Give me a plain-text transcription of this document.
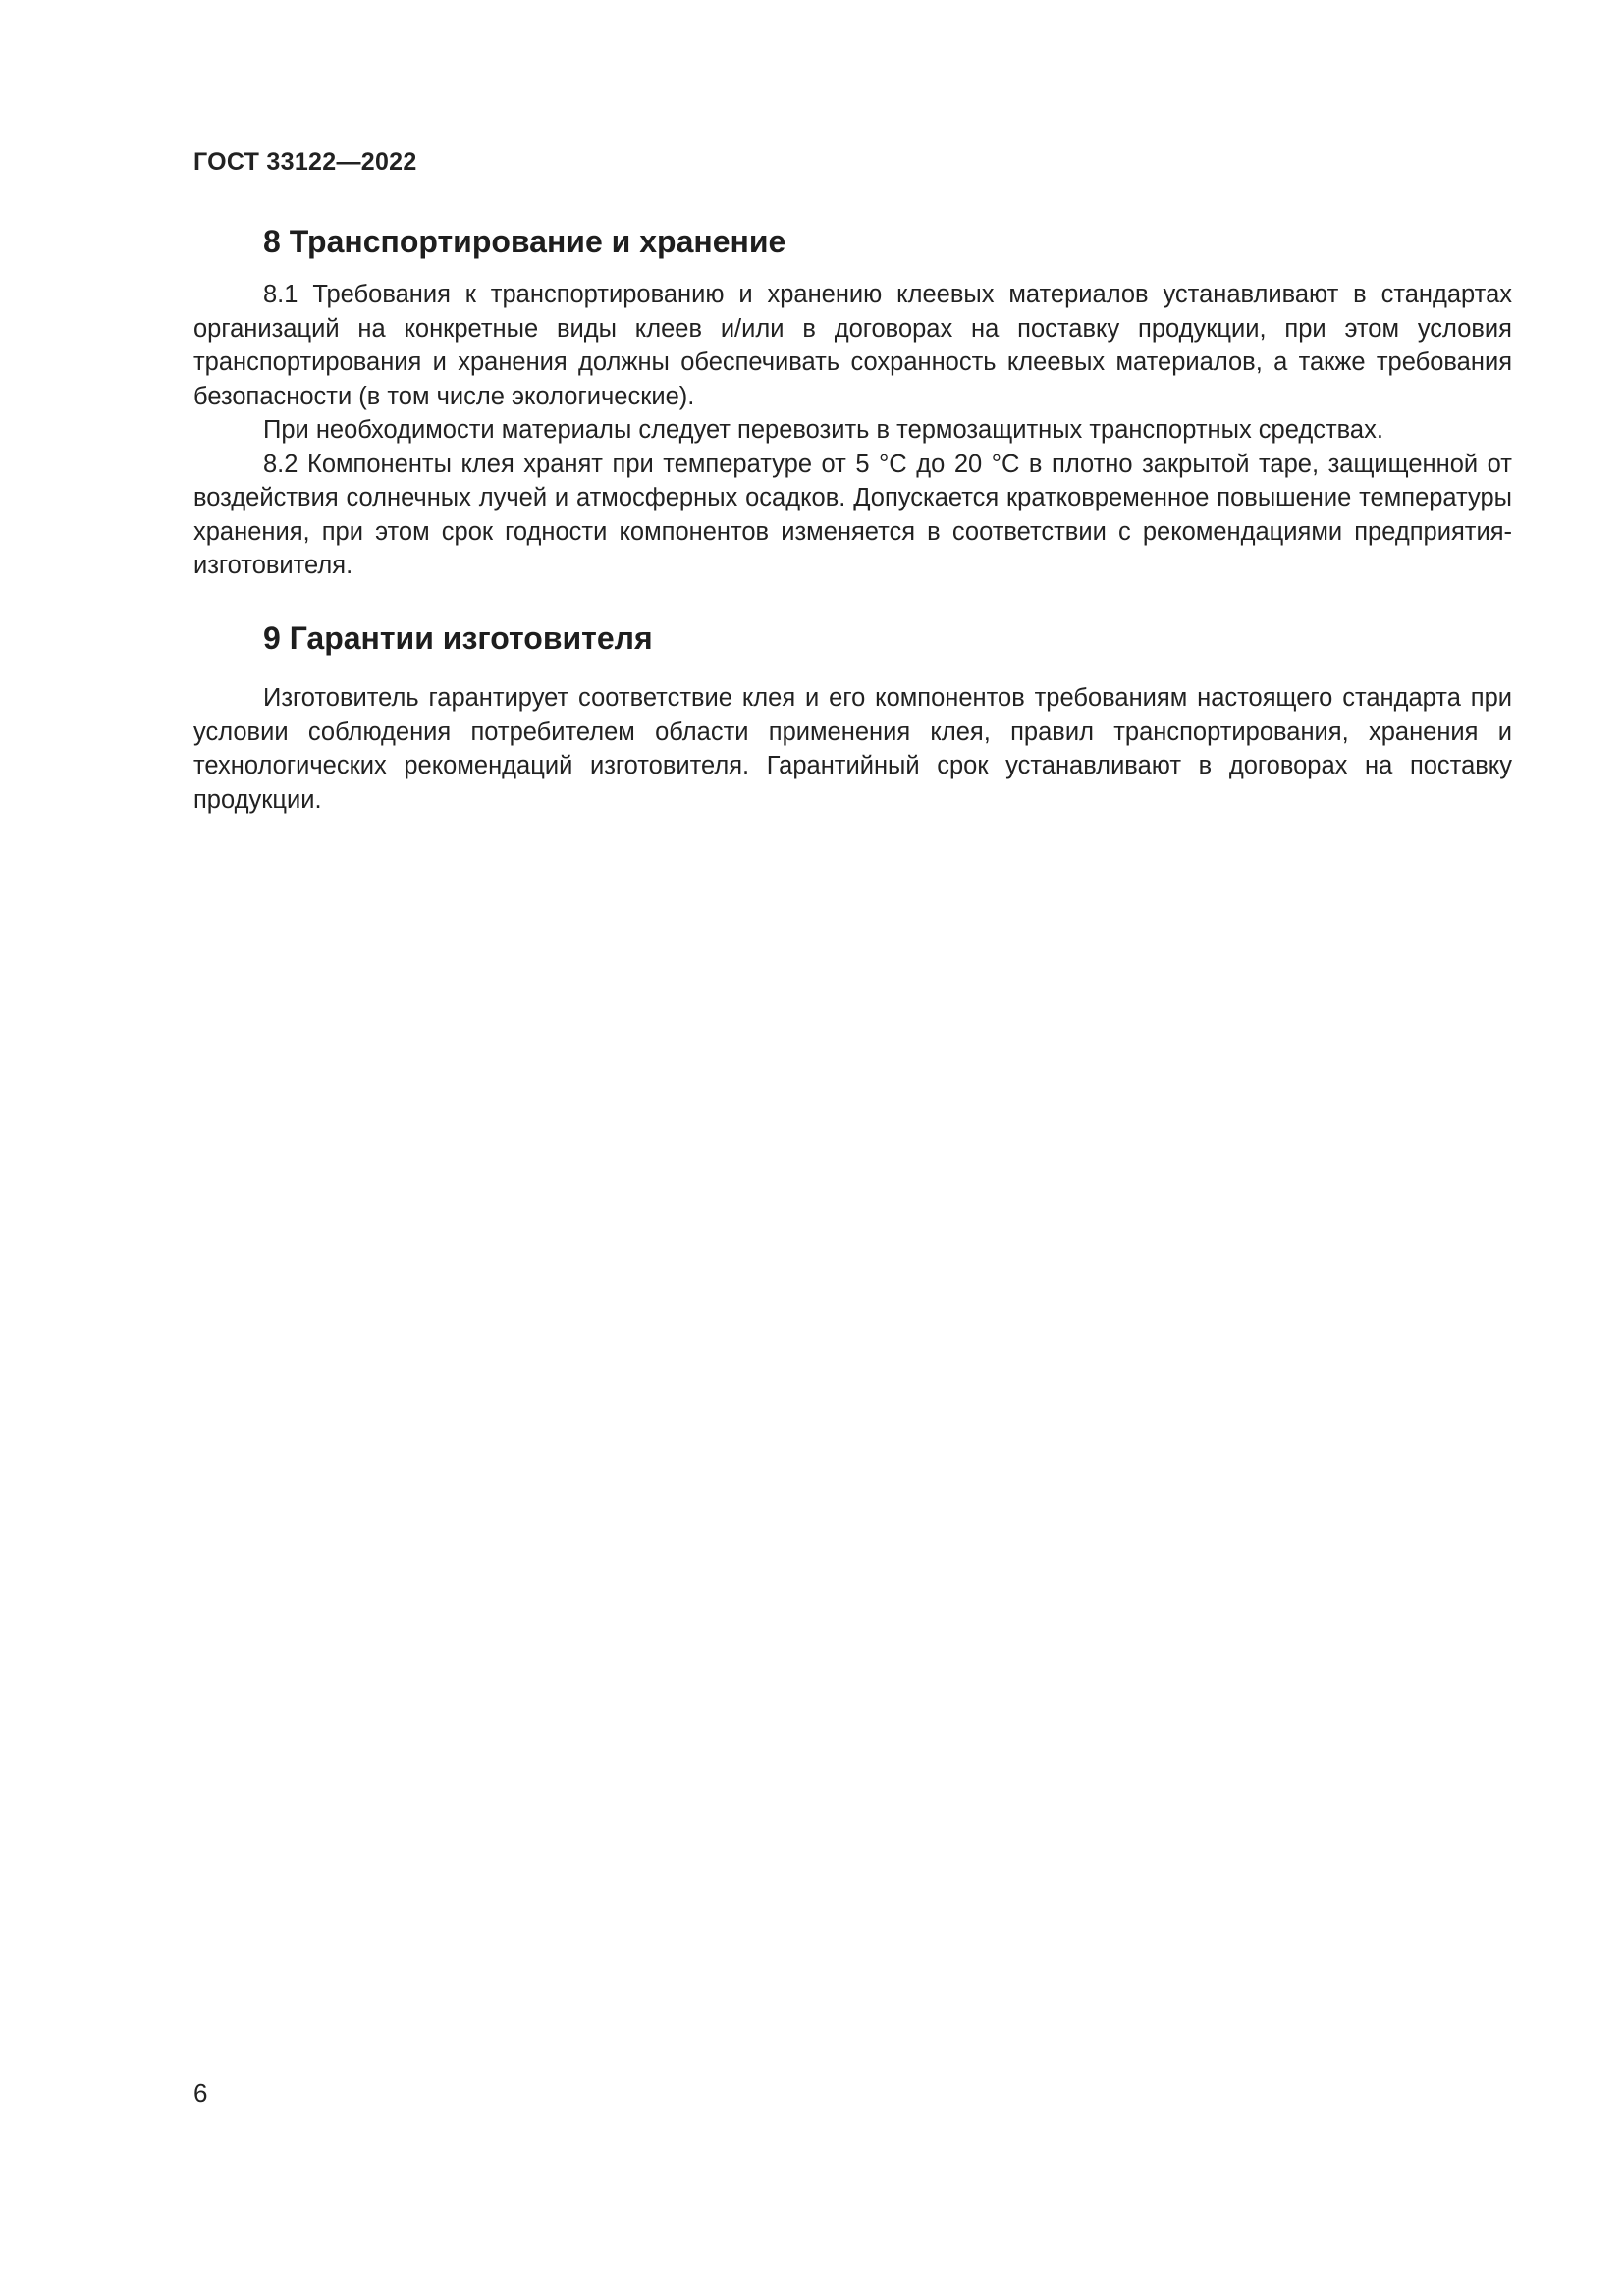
ГОСТ 33122—2022
8 Транспортирование и хранение

8.1 Требования к транспортированию и хранению клеевых материалов устанавливают в стандартах организаций на конкретные виды клеев и/или в договорах на поставку продукции, при этом условия транспортирования и хранения должны обеспечивать сохранность клеевых материалов, а также требования безопасности (в том числе экологические).

При необходимости материалы следует перевозить в термозащитных транспортных средствах.

8.2 Компоненты клея хранят при температуре от 5 °С до 20 °С в плотно закрытой таре, защищенной от воздействия солнечных лучей и атмосферных осадков. Допускается кратковременное повышение температуры хранения, при этом срок годности компонентов изменяется в соответствии с рекомендациями предприятия-изготовителя.

9 Гарантии изготовителя

Изготовитель гарантирует соответствие клея и его компонентов требованиям настоящего стандарта при условии соблюдения потребителем области применения клея, правил транспортирования, хранения и технологических рекомендаций изготовителя. Гарантийный срок устанавливают в договорах на поставку продукции.

6
